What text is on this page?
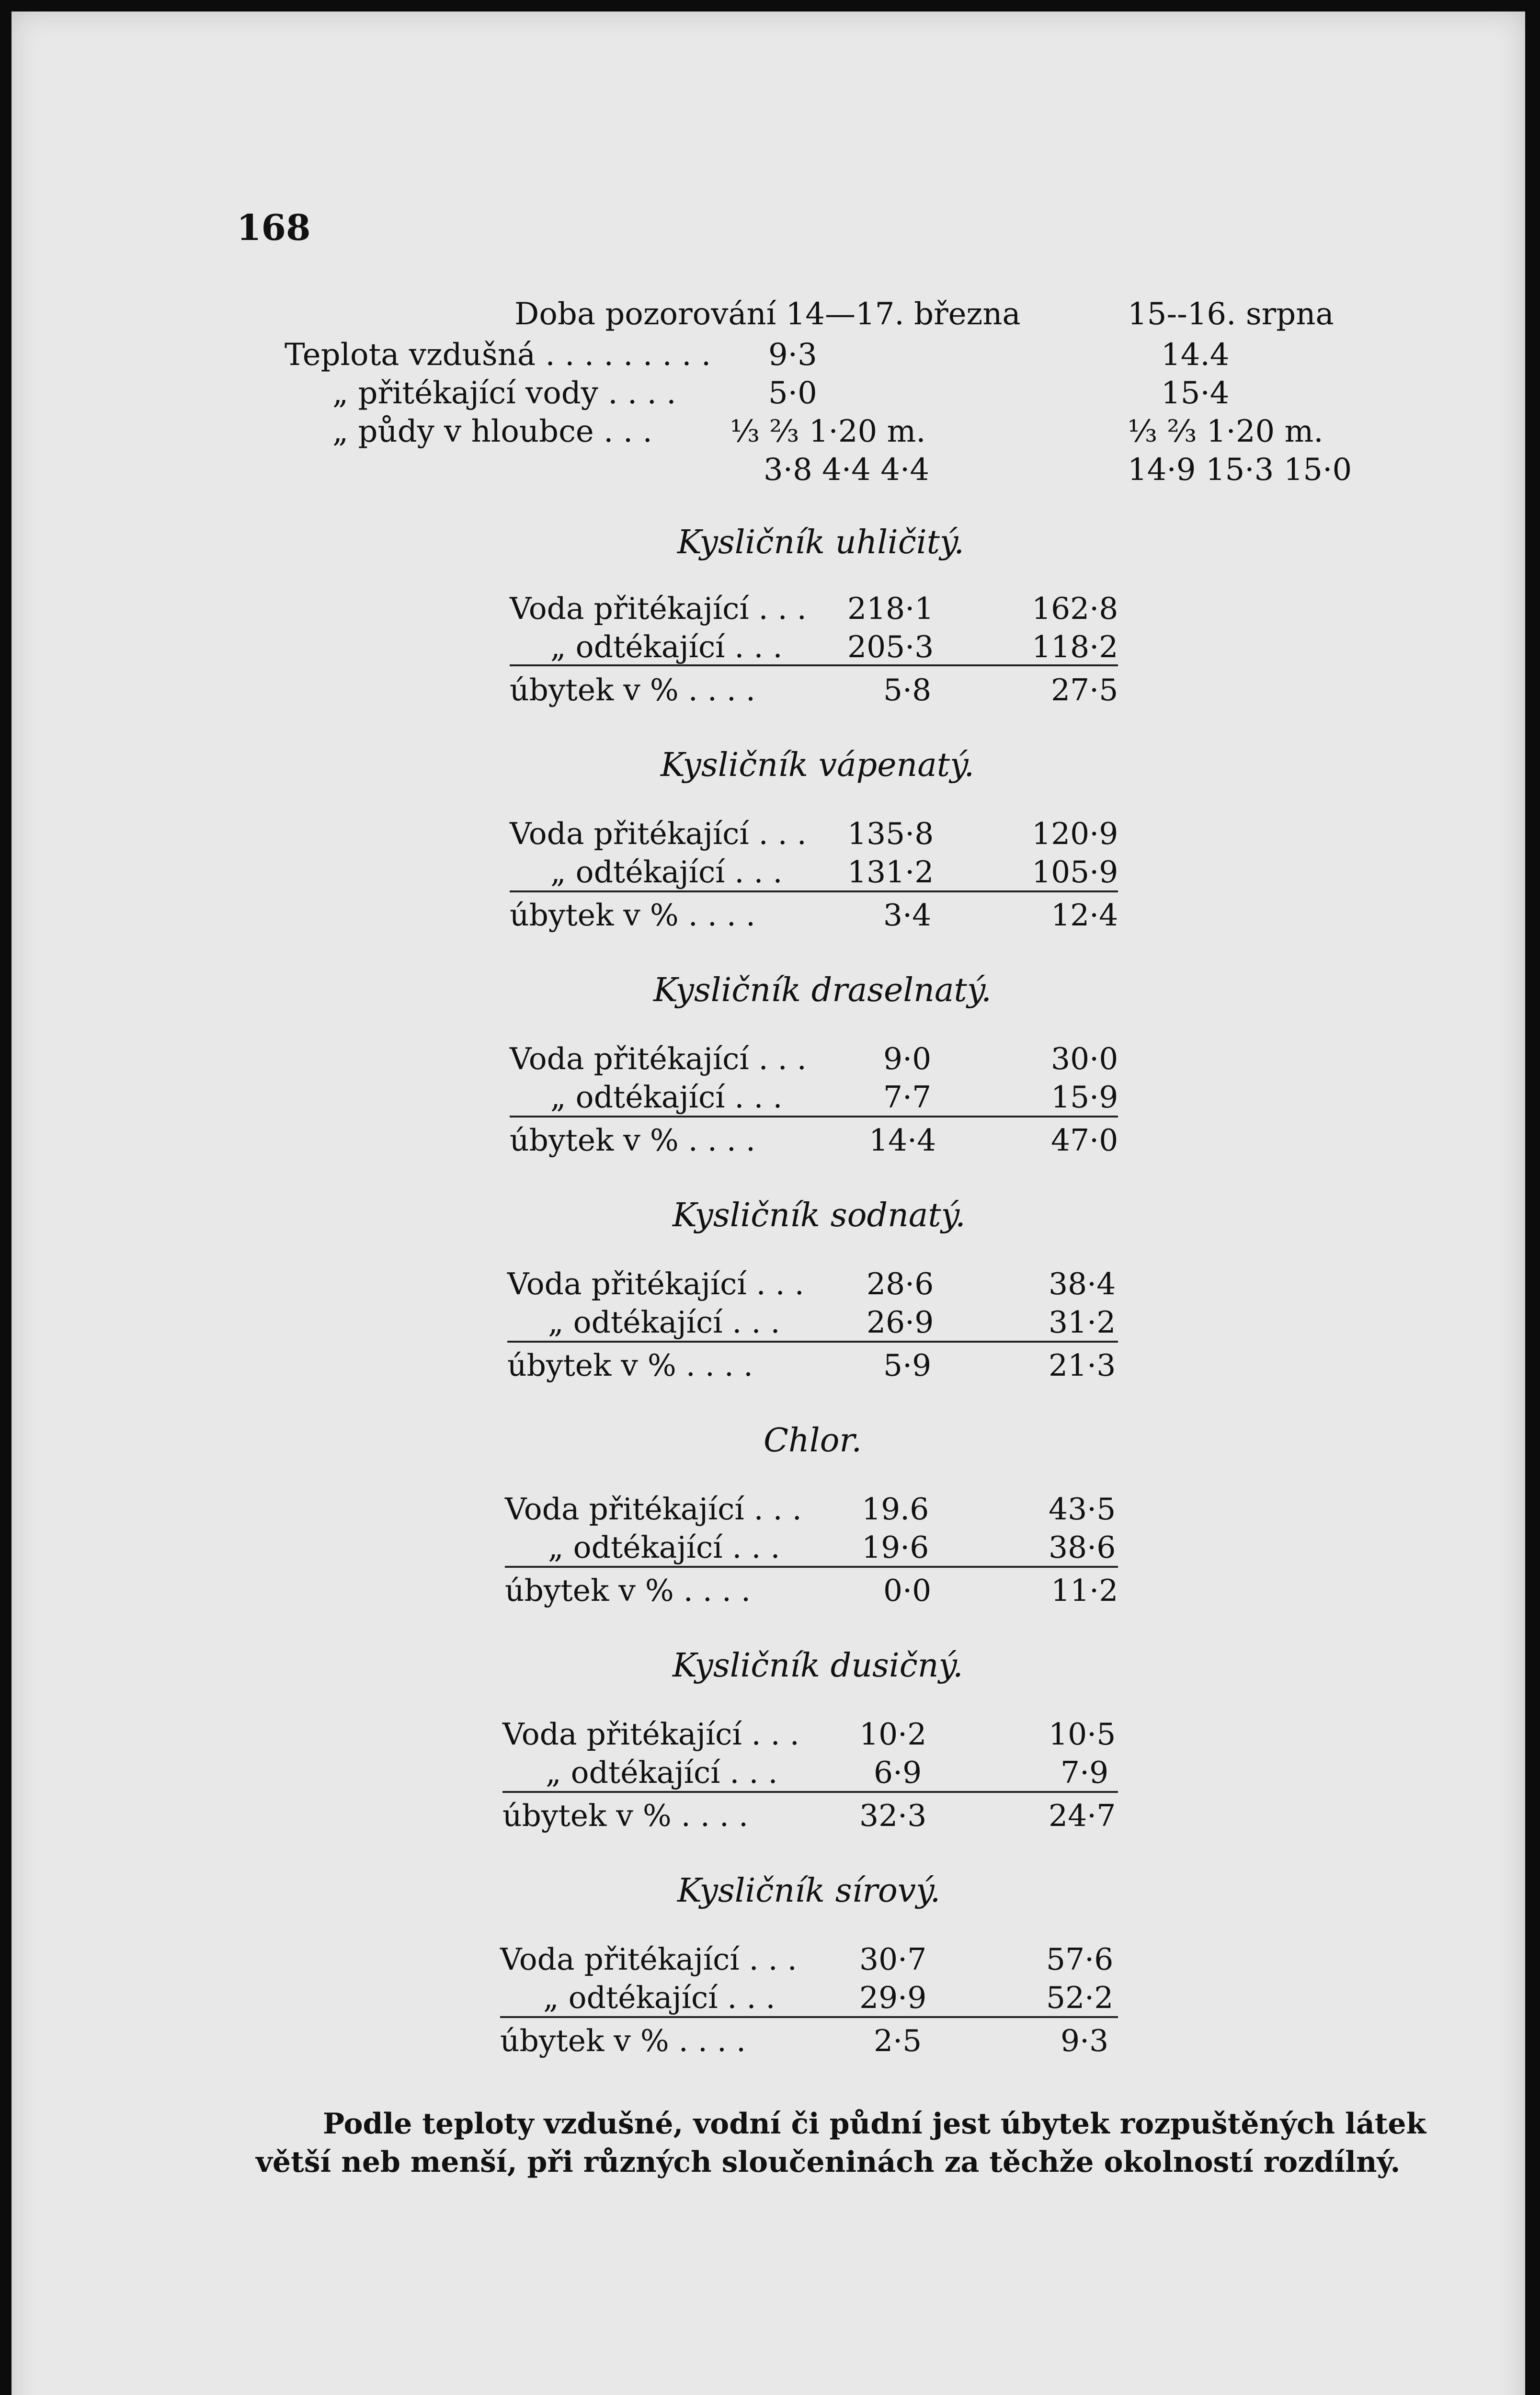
168
Doba pozorování 14—17. března	15--16. srpna
Teplota vzdušná . . . . . . . . . 9·3	14.4
„ přitékající vody . . . .	5·0	15·4
„ půdy v hloubce . . .	⅓ ⅔ 1·20 m.	⅓ ⅔ 1·20 m.
3·8 4·4 4·4	14·9 15·3 15·0
Kysličník uhličitý.
Voda přitékající . . . 218·1	162·8
„ odtékající . . . 205·3	118·2
úbytek v % . . . .	5·8	27·5
Kysličník vápenatý.
Voda přitékající . . . 135·8	120·9
„ odtékající . . . 131·2	105·9
úbytek v % . . . .	3·4	12·4
Kysličník draselnatý.
Voda přitékající . . .	9·0	30·0
„ odtékající . . .	7·7	15·9
úbytek v % . . . .	14·4	47·0
Kysličník sodnatý.
Voda přitékající . . . 28·6	38·4
„ odtékající . . .	26·9	31·2
úbytek v % . . . .	5·9	21·3
Chlor.
Voda přitékající . . . 19.6	43·5
„ odtékající . . .	19·6	38·6
úbytek v % . . . .	0·0	11·2
Kysličník dusičný.
Voda přitékající . . . 10·2	10·5
„ odtékající . . .	6·9	7·9
úbytek v % . . . .	32·3	24·7
Kysličník sírový.
Voda přitékající . . . 30·7	57·6
„ odtékající . . .	29·9	52·2
úbytek v % . . . .	2·5	9·3
Podle teploty vzdušné, vodní či půdní jest úbytek rozpuštěných látek
větší neb menší, při různých sloučeninách za těchže okolností rozdílný.
